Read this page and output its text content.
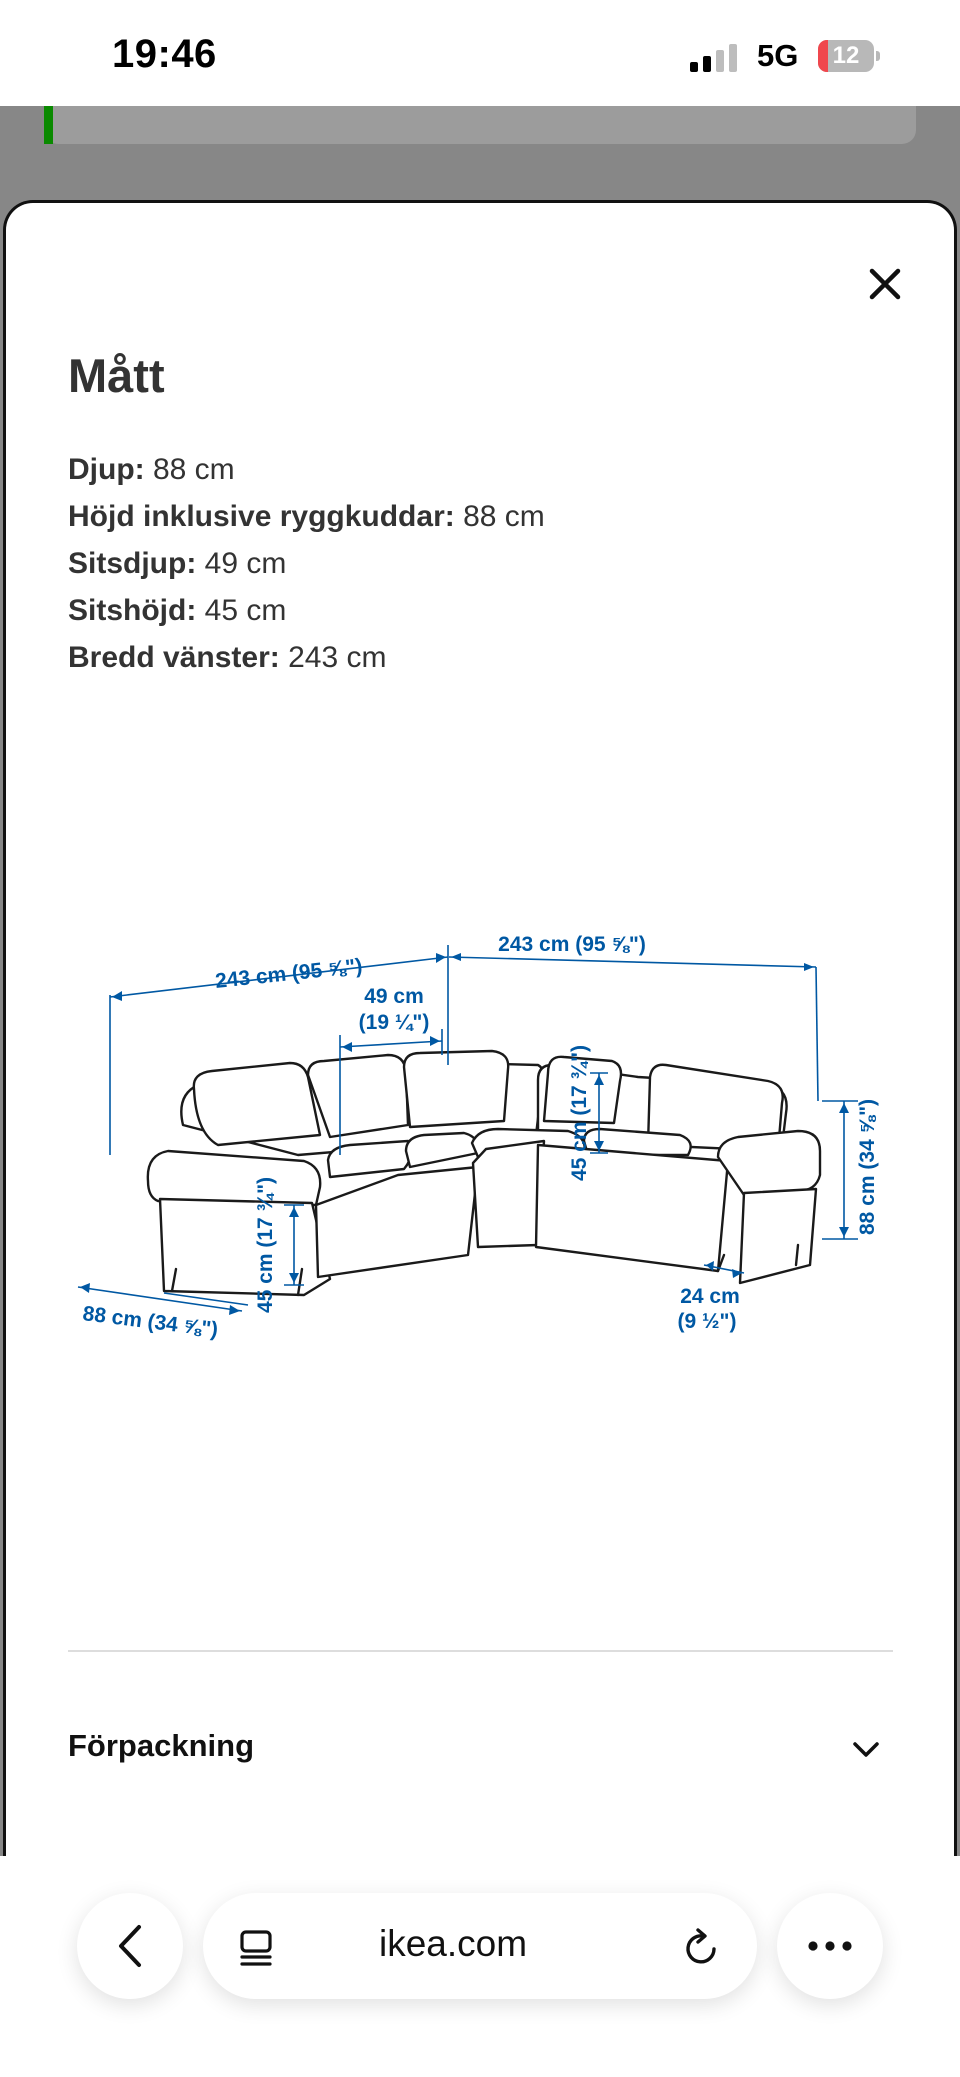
19:46	5G	12
Mått
Djup: 88 cm
Höjd inklusive ryggkuddar: 88 cm
Sitsdjup: 49 cm
Sitshöjd: 45 cm
Bredd vänster: 243 cm
243 cm (95 ⅝")
243 cm (95 ⅝")
49 cm
(19 ¼")
45 cm (17 ¾")	88 cm (34 ⅝")
45 cm (17 ¾")
88 cm (34 ⅝")
24 cm
(9 ½")
Förpackning
ikea.com
